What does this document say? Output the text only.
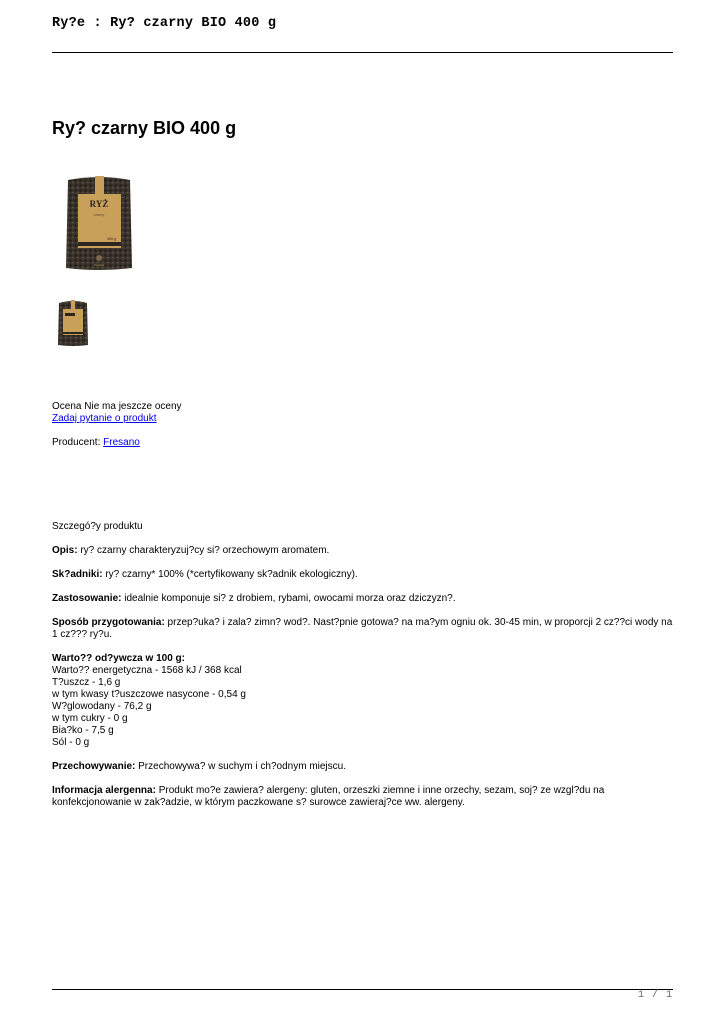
Ry?e : Ry? czarny BIO 400 g
Ry? czarny BIO 400 g
RYŻ
czarny
400 g
fresano
Ocena Nie ma jeszcze oceny
Zadaj pytanie o produkt
Producent: Fresano

Szczegó?y produktu

Opis: ry? czarny charakteryzuj?cy si? orzechowym aromatem.

Sk?adniki: ry? czarny* 100% (*certyfikowany sk?adnik ekologiczny).

Zastosowanie: idealnie komponuje si? z drobiem, rybami, owocami morza oraz dziczyzn?.

Sposób przygotowania: przep?uka? i zala? zimn? wod?. Nast?pnie gotowa? na ma?ym ogniu ok. 30-45 min, w proporcji 2 cz??ci wody na 1 cz??? ry?u.

Warto?? od?ywcza w 100 g:
Warto?? energetyczna - 1568 kJ / 368 kcal
T?uszcz - 1,6 g
w tym kwasy t?uszczowe nasycone - 0,54 g
W?glowodany - 76,2 g
w tym cukry - 0 g
Bia?ko - 7,5 g
Sól - 0 g

Przechowywanie: Przechowywa? w suchym i ch?odnym miejscu.

Informacja alergenna: Produkt mo?e zawiera? alergeny: gluten, orzeszki ziemne i inne orzechy, sezam, soj? ze wzgl?du na konfekcjonowanie w zak?adzie, w którym paczkowane s? surowce zawieraj?ce ww. alergeny.

1 / 1
